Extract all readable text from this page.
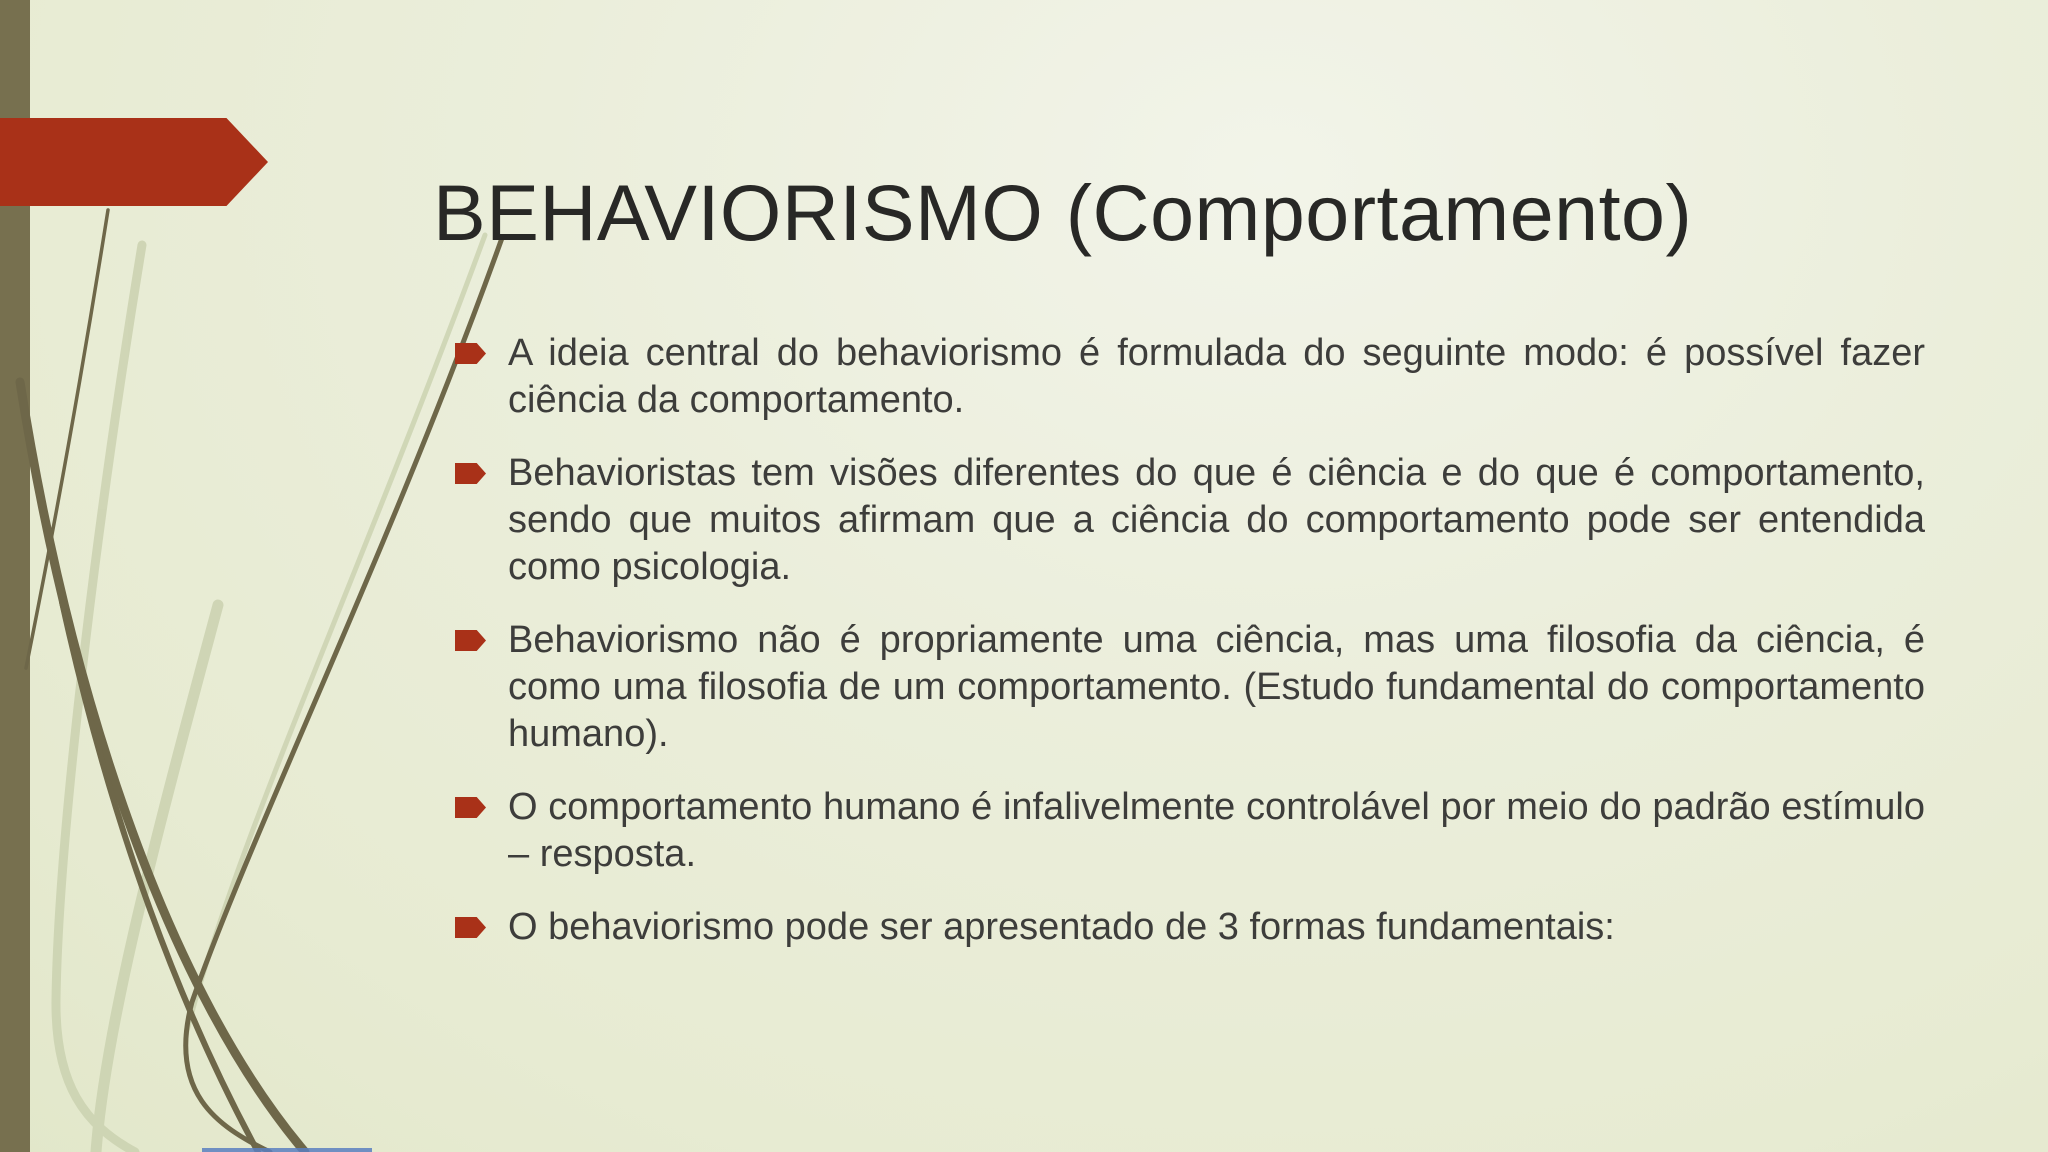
BEHAVIORISMO (Comportamento)

A ideia central do behaviorismo é formulada do seguinte modo: é possível fazer ciência da comportamento.

Behavioristas tem visões diferentes do que é ciência e do que é comportamento, sendo que muitos afirmam que a ciência do comportamento pode ser entendida como psicologia.

Behaviorismo não é propriamente uma ciência, mas uma filosofia da ciência, é como uma filosofia de um comportamento. (Estudo fundamental do comportamento humano).

O comportamento humano é infalivelmente controlável por meio do padrão estímulo – resposta.

O behaviorismo pode ser apresentado de 3 formas fundamentais:
